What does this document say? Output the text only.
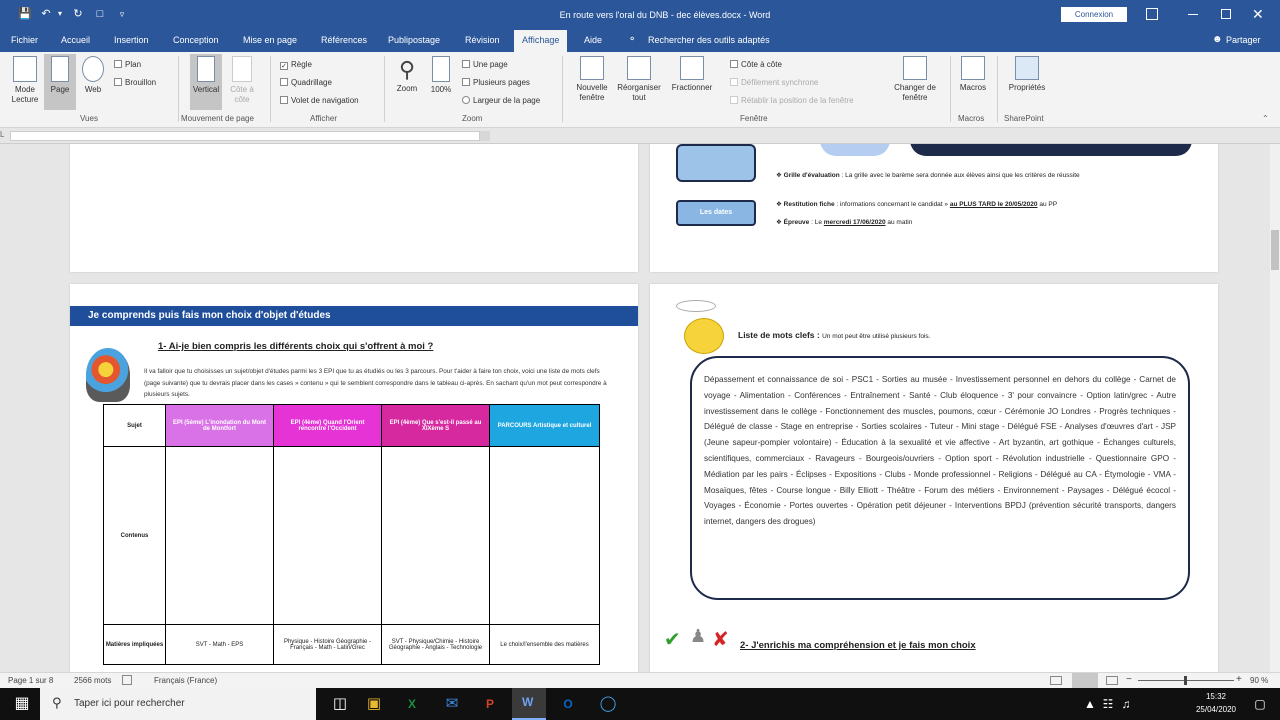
💾 ↶ ▾	↻ □	▿	En route vers l'oral du DNB - dec élèves.docx - Word	Connexion	✕
Fichier	Accueil	Insertion	Conception	Mise en page	Références Publipostage	Révision	Affichage	Aide	⚬ Rechercher des outils adaptés	☻ Partager
Mode Lecture
Page	Web
Plan
Brouillon
Vues
Vertical	Côte à côte
Mouvement de page
✓ Règle
Quadrillage
Volet de navigation
Afficher
⚲
Zoom	100%
Une page
Plusieurs pages
Largeur de la page
Zoom
Nouvelle fenêtre
Réorganiser tout
Fractionner
Côte à côte
Défilement synchrone
Rétablir la position de la fenêtre
Changer de fenêtre
Fenêtre
Macros
Macros
Propriétés
SharePoint	⌃
L
❖ Grille d'évaluation : La grille avec le barème sera donnée aux élèves ainsi que les critères de réussite
Les dates
❖ Restitution fiche : informations concernant le candidat » au PLUS TARD le 20/05/2020 au PP
❖ Épreuve : Le mercredi 17/06/2020 au matin
Je comprends puis fais mon choix d'objet d'études
1- Ai-je bien compris les différents choix qui s'offrent à moi ?
Il va falloir que tu choisisses un sujet/objet d'études parmi les 3 EPI que tu as étudiés ou les 3 parcours. Pour t'aider à faire ton choix, voici une liste de mots clefs (page suivante) que tu devrais placer dans les cases » contenu » qui te semblent correspondre dans le tableau ci-après. En sachant qu'un mot peut correspondre à plusieurs sujets.
Sujet	EPI (5ème) L'inondation du Mont de Montfort	EPI (4ème) Quand l'Orient rencontre l'Occident	EPI (4ème) Que s'est-il passé au XIXème S	PARCOURS Artistique et culturel
Contenus				
Matières impliquées	SVT - Math - EPS	Physique - Histoire Géographie - Français - Math - Latin/Grec	SVT - Physique/Chimie - Histoire Géographie - Anglais - Technologie	Le choix/l'ensemble des matières
Liste de mots clefs : Un mot peut être utilisé plusieurs fois.
Dépassement et connaissance de soi - PSC1 - Sorties au musée - Investissement personnel en dehors du collège - Carnet de voyage - Alimentation - Conférences - Entraînement - Santé - Club éloquence - 3' pour convaincre - Option latin/grec - Autre investissement dans le collège - Fonctionnement des muscles, poumons, cœur - Cérémonie JO Londres - Progrès techniques - Délégué de classe - Stage en entreprise - Sorties scolaires - Tuteur - Mini stage - Délégué FSE - Analyses d'œuvres d'art - JSP (Jeune sapeur-pompier volontaire) - Éducation à la sexualité et vie affective - Art byzantin, art gothique - Échanges culturels, scientifiques, commerciaux - Ravageurs - Bourgeois/ouvriers - Option sport - Révolution industrielle - Questionnaire GPO - Médiation par les pairs - Éclipses - Expositions - Clubs - Monde professionnel - Religions - Délégué au CA - Étymologie - VMA - Mosaïques, fêtes - Course longue - Billy Elliott - Théâtre - Forum des métiers - Environnement - Paysages - Délégué écocol - Voyages - Économie - Portes ouvertes - Opération petit déjeuner - Interventions BPDJ (prévention sécurité transports, dangers internet, dangers des drogues)
✔ ♟ ✘ 2- J'enrichis ma compréhension et je fais mon choix
Page 1 sur 8	2566 mots	Français (France)	−	+ 90 %
▦	⚲ Taper ici pour rechercher	◫	▣	X	✉	P	W	O	◯	▲ ☷ ♫
15:32
25/04/2020	▢
